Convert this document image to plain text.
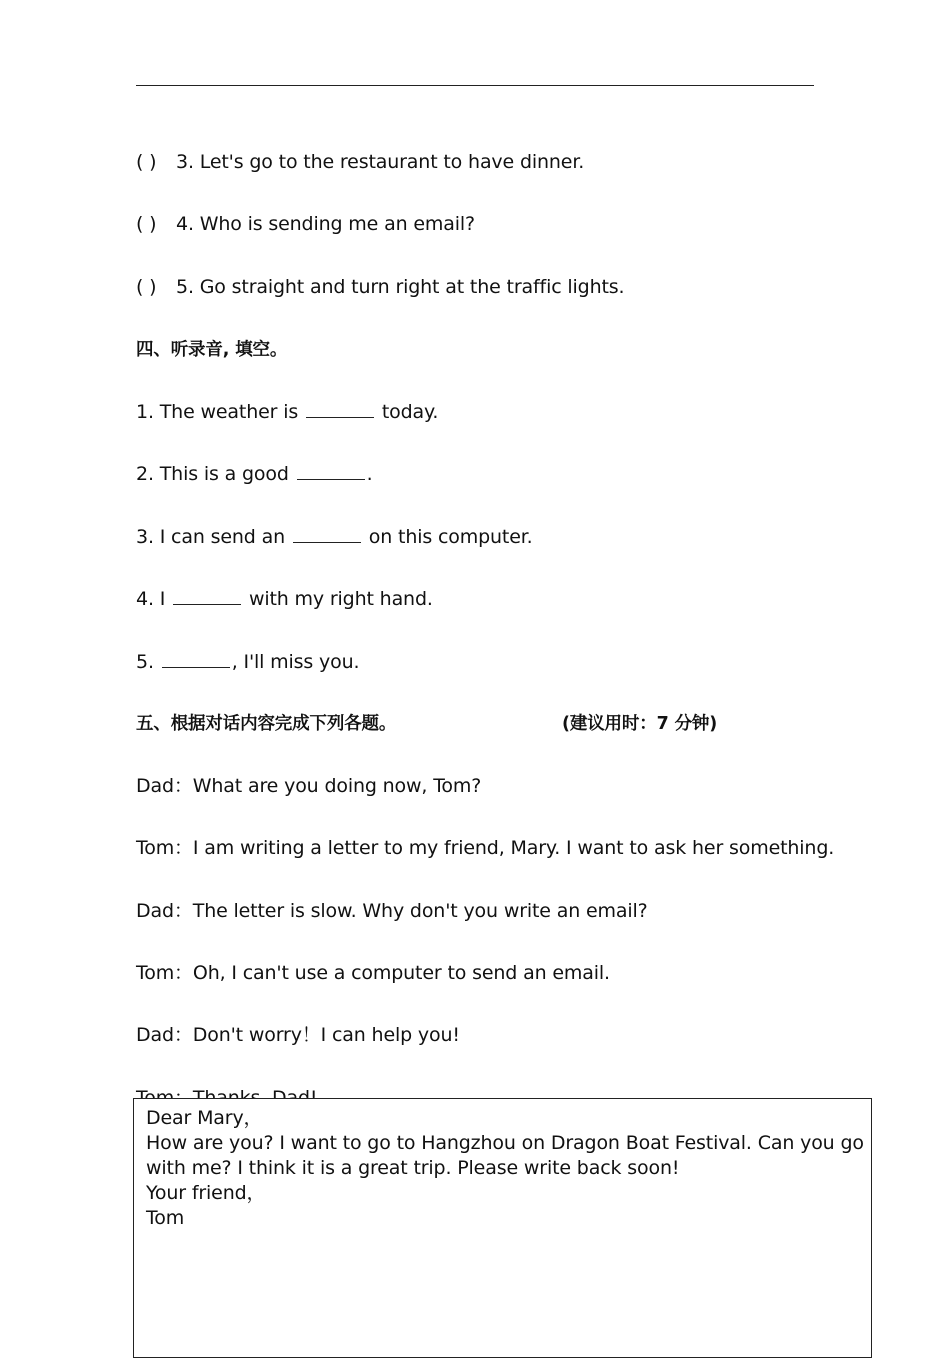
( ) 3. Let's go to the restaurant to have dinner.
( ) 4. Who is sending me an email?
( ) 5. Go straight and turn right at the traffic lights.
四、听录音, 填空。
1. The weather is	today.
2. This is a good	.
3. I can send an	on this computer.
4. I	with my right hand.
5.	, I'll miss you.
五、根据对话内容完成下列各题。	(建议用时：7 分钟)
Dad：What are you doing now, Tom?
Tom：I am writing a letter to my friend, Mary. I want to ask her something.
Dad：The letter is slow. Why don't you write an email?
Tom：Oh, I can't use a computer to send an email.
Dad：Don't worry！I can help you!
Dear Mary，
How are you? I want to go to Hangzhou on Dragon Boat Festival. Can you go
with me? I think it is a great trip. Please write back soon!
Your friend，
Tom
